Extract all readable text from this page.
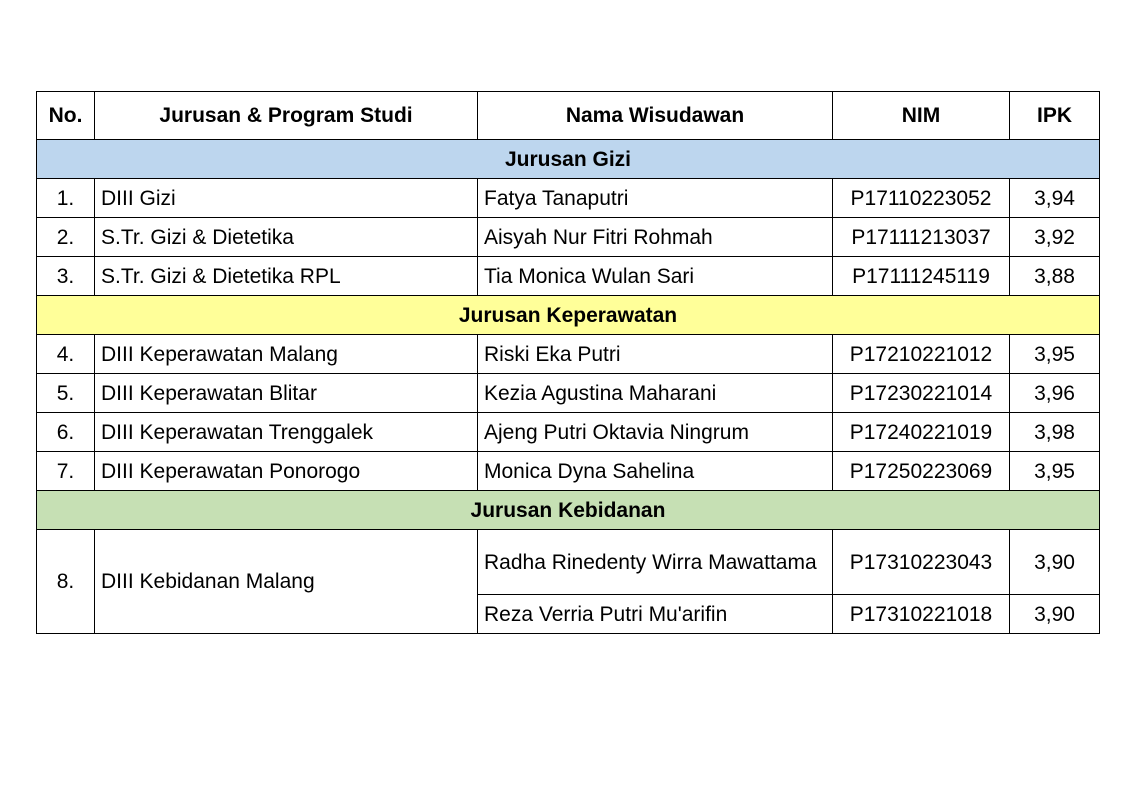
No.	Jurusan & Program Studi	Nama Wisudawan	NIM	IPK
Jurusan Gizi				
1.	DIII Gizi	Fatya Tanaputri	P17110223052	3,94
2.	S.Tr. Gizi & Dietetika	Aisyah Nur Fitri Rohmah	P17111213037	3,92
3.	S.Tr. Gizi & Dietetika RPL	Tia Monica Wulan Sari	P17111245119	3,88
Jurusan Keperawatan				
4.	DIII Keperawatan Malang	Riski Eka Putri	P17210221012	3,95
5.	DIII Keperawatan Blitar	Kezia Agustina Maharani	P17230221014	3,96
6.	DIII Keperawatan Trenggalek	Ajeng Putri Oktavia Ningrum	P17240221019	3,98
7.	DIII Keperawatan Ponorogo	Monica Dyna Sahelina	P17250223069	3,95
Jurusan Kebidanan				
8.	DIII Kebidanan Malang	Radha Rinedenty Wirra Mawattama	P17310223043	3,90
		Reza Verria Putri Mu'arifin	P17310221018	3,90
